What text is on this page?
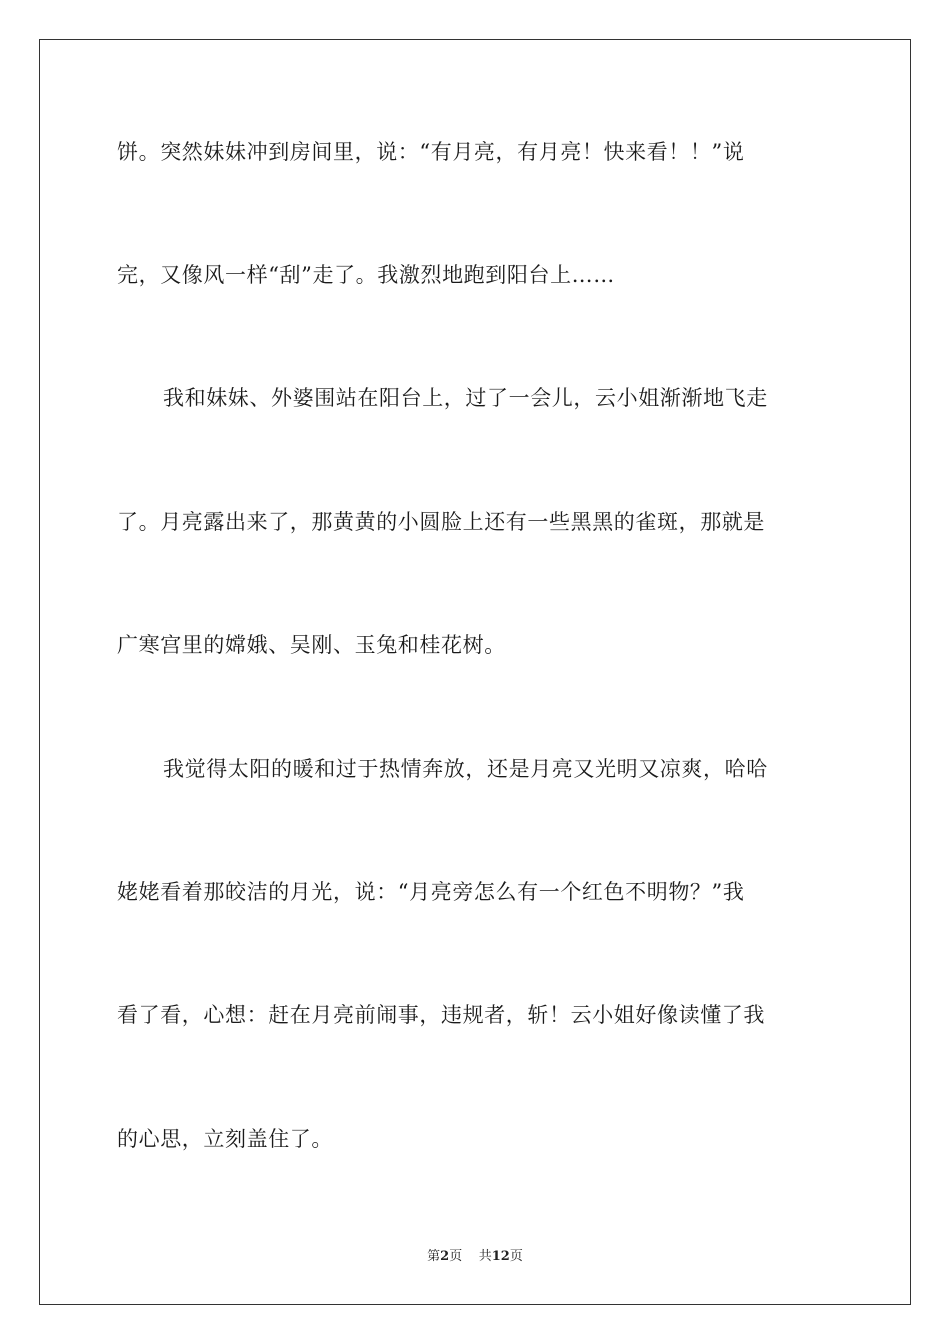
饼。突然妹妹冲到房间里，说：“有月亮，有月亮！快来看！！”说
完，又像风一样“刮”走了。我激烈地跑到阳台上……
我和妹妹、外婆围站在阳台上，过了一会儿，云小姐渐渐地飞走
了。月亮露出来了，那黄黄的小圆脸上还有一些黑黑的雀斑，那就是
广寒宫里的嫦娥、吴刚、玉兔和桂花树。
我觉得太阳的暖和过于热情奔放，还是月亮又光明又凉爽，哈哈
姥姥看着那皎洁的月光，说：“月亮旁怎么有一个红色不明物？”我
看了看，心想：赶在月亮前闹事，违规者，斩！云小姐好像读懂了我
的心思，立刻盖住了。
第2页 共12页
